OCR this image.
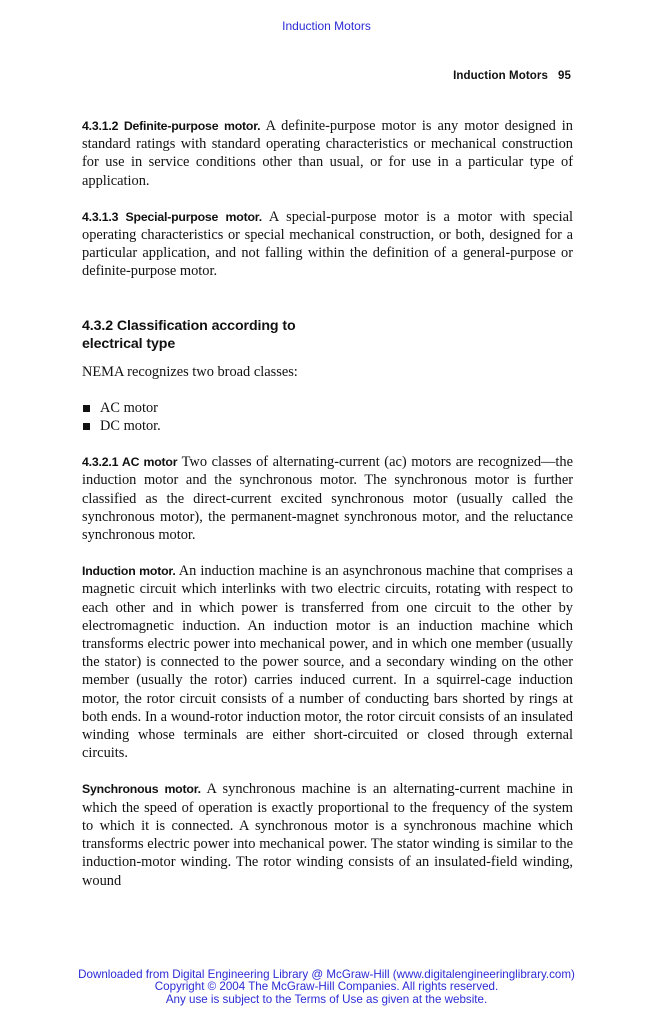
Induction Motors
Induction Motors 95

4.3.1.2 Definite-purpose motor. A definite-purpose motor is any motor designed in standard ratings with standard operating characteristics or mechanical construction for use in service conditions other than usual, or for use in a particular type of application.

4.3.1.3 Special-purpose motor. A special-purpose motor is a motor with special operating characteristics or special mechanical construction, or both, designed for a particular application, and not falling within the definition of a general-purpose or definite-purpose motor.

4.3.2 Classification according to
electrical type

NEMA recognizes two broad classes:

AC motor
DC motor.

4.3.2.1 AC motor Two classes of alternating-current (ac) motors are recognized—the induction motor and the synchronous motor. The synchronous motor is further classified as the direct-current excited synchronous motor (usually called the synchronous motor), the permanent-magnet synchronous motor, and the reluctance synchronous motor.

Induction motor. An induction machine is an asynchronous machine that comprises a magnetic circuit which interlinks with two electric circuits, rotating with respect to each other and in which power is transferred from one circuit to the other by electromagnetic induction. An induction motor is an induction machine which transforms electric power into mechanical power, and in which one member (usually the stator) is connected to the power source, and a secondary winding on the other member (usually the rotor) carries induced current. In a squirrel-cage induction motor, the rotor circuit consists of a number of conducting bars shorted by rings at both ends. In a wound-rotor induction motor, the rotor circuit consists of an insulated winding whose terminals are either short-circuited or closed through external circuits.

Synchronous motor. A synchronous machine is an alternating-current machine in which the speed of operation is exactly proportional to the frequency of the system to which it is connected. A synchronous motor is a synchronous machine which transforms electric power into mechanical power. The stator winding is similar to the induction-motor winding. The rotor winding consists of an insulated-field winding, wound

Downloaded from Digital Engineering Library @ McGraw-Hill (www.digitalengineeringlibrary.com)
Copyright © 2004 The McGraw-Hill Companies. All rights reserved.
Any use is subject to the Terms of Use as given at the website.
